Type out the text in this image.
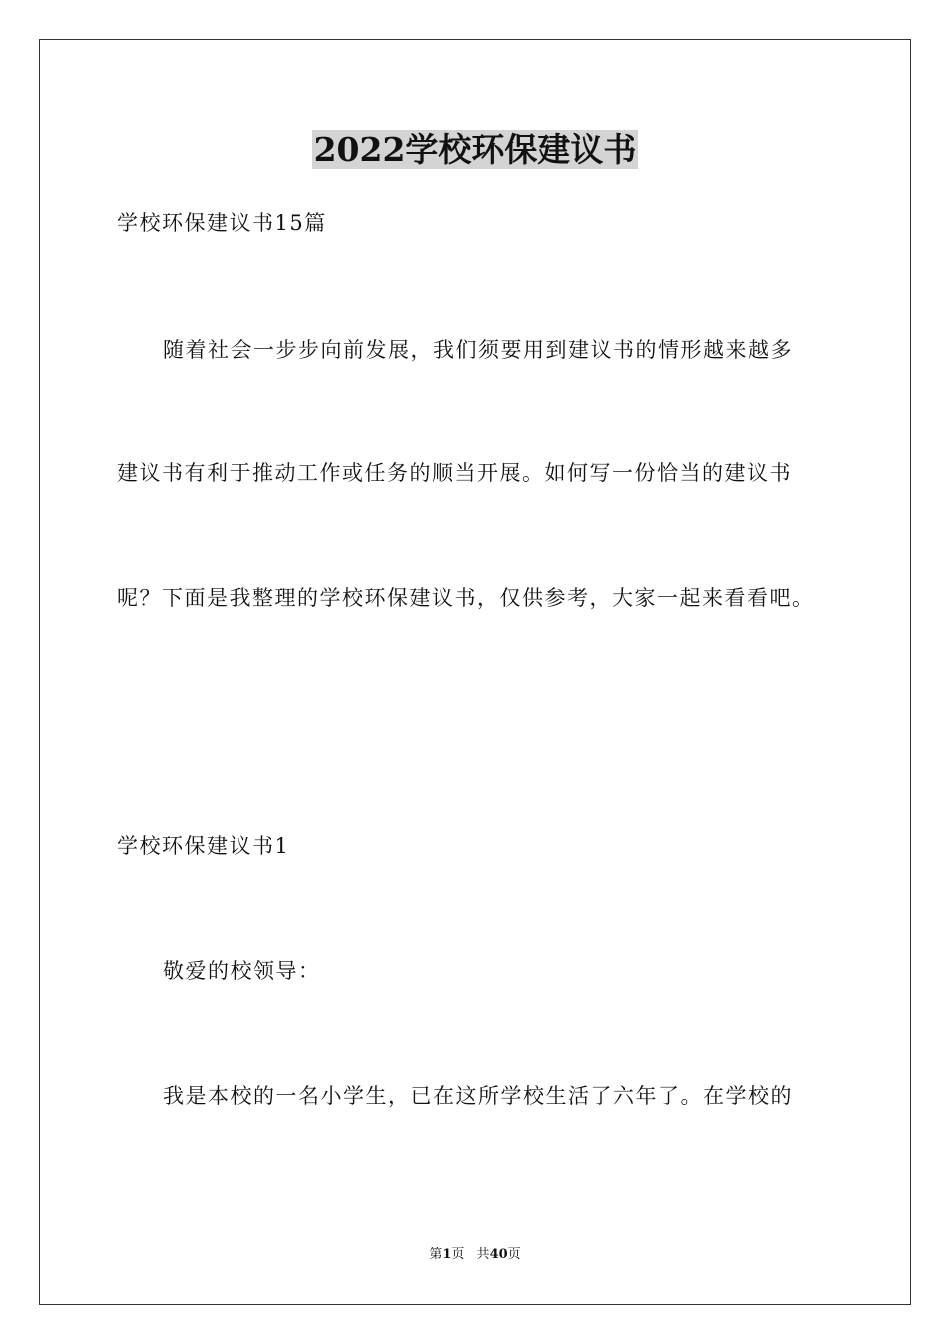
2022学校环保建议书
学校环保建议书15篇
随着社会一步步向前发展，我们须要用到建议书的情形越来越多
建议书有利于推动工作或任务的顺当开展。如何写一份恰当的建议书
呢？下面是我整理的学校环保建议书，仅供参考，大家一起来看看吧。
学校环保建议书1
敬爱的校领导：
我是本校的一名小学生，已在这所学校生活了六年了。在学校的
第1页 共40页
